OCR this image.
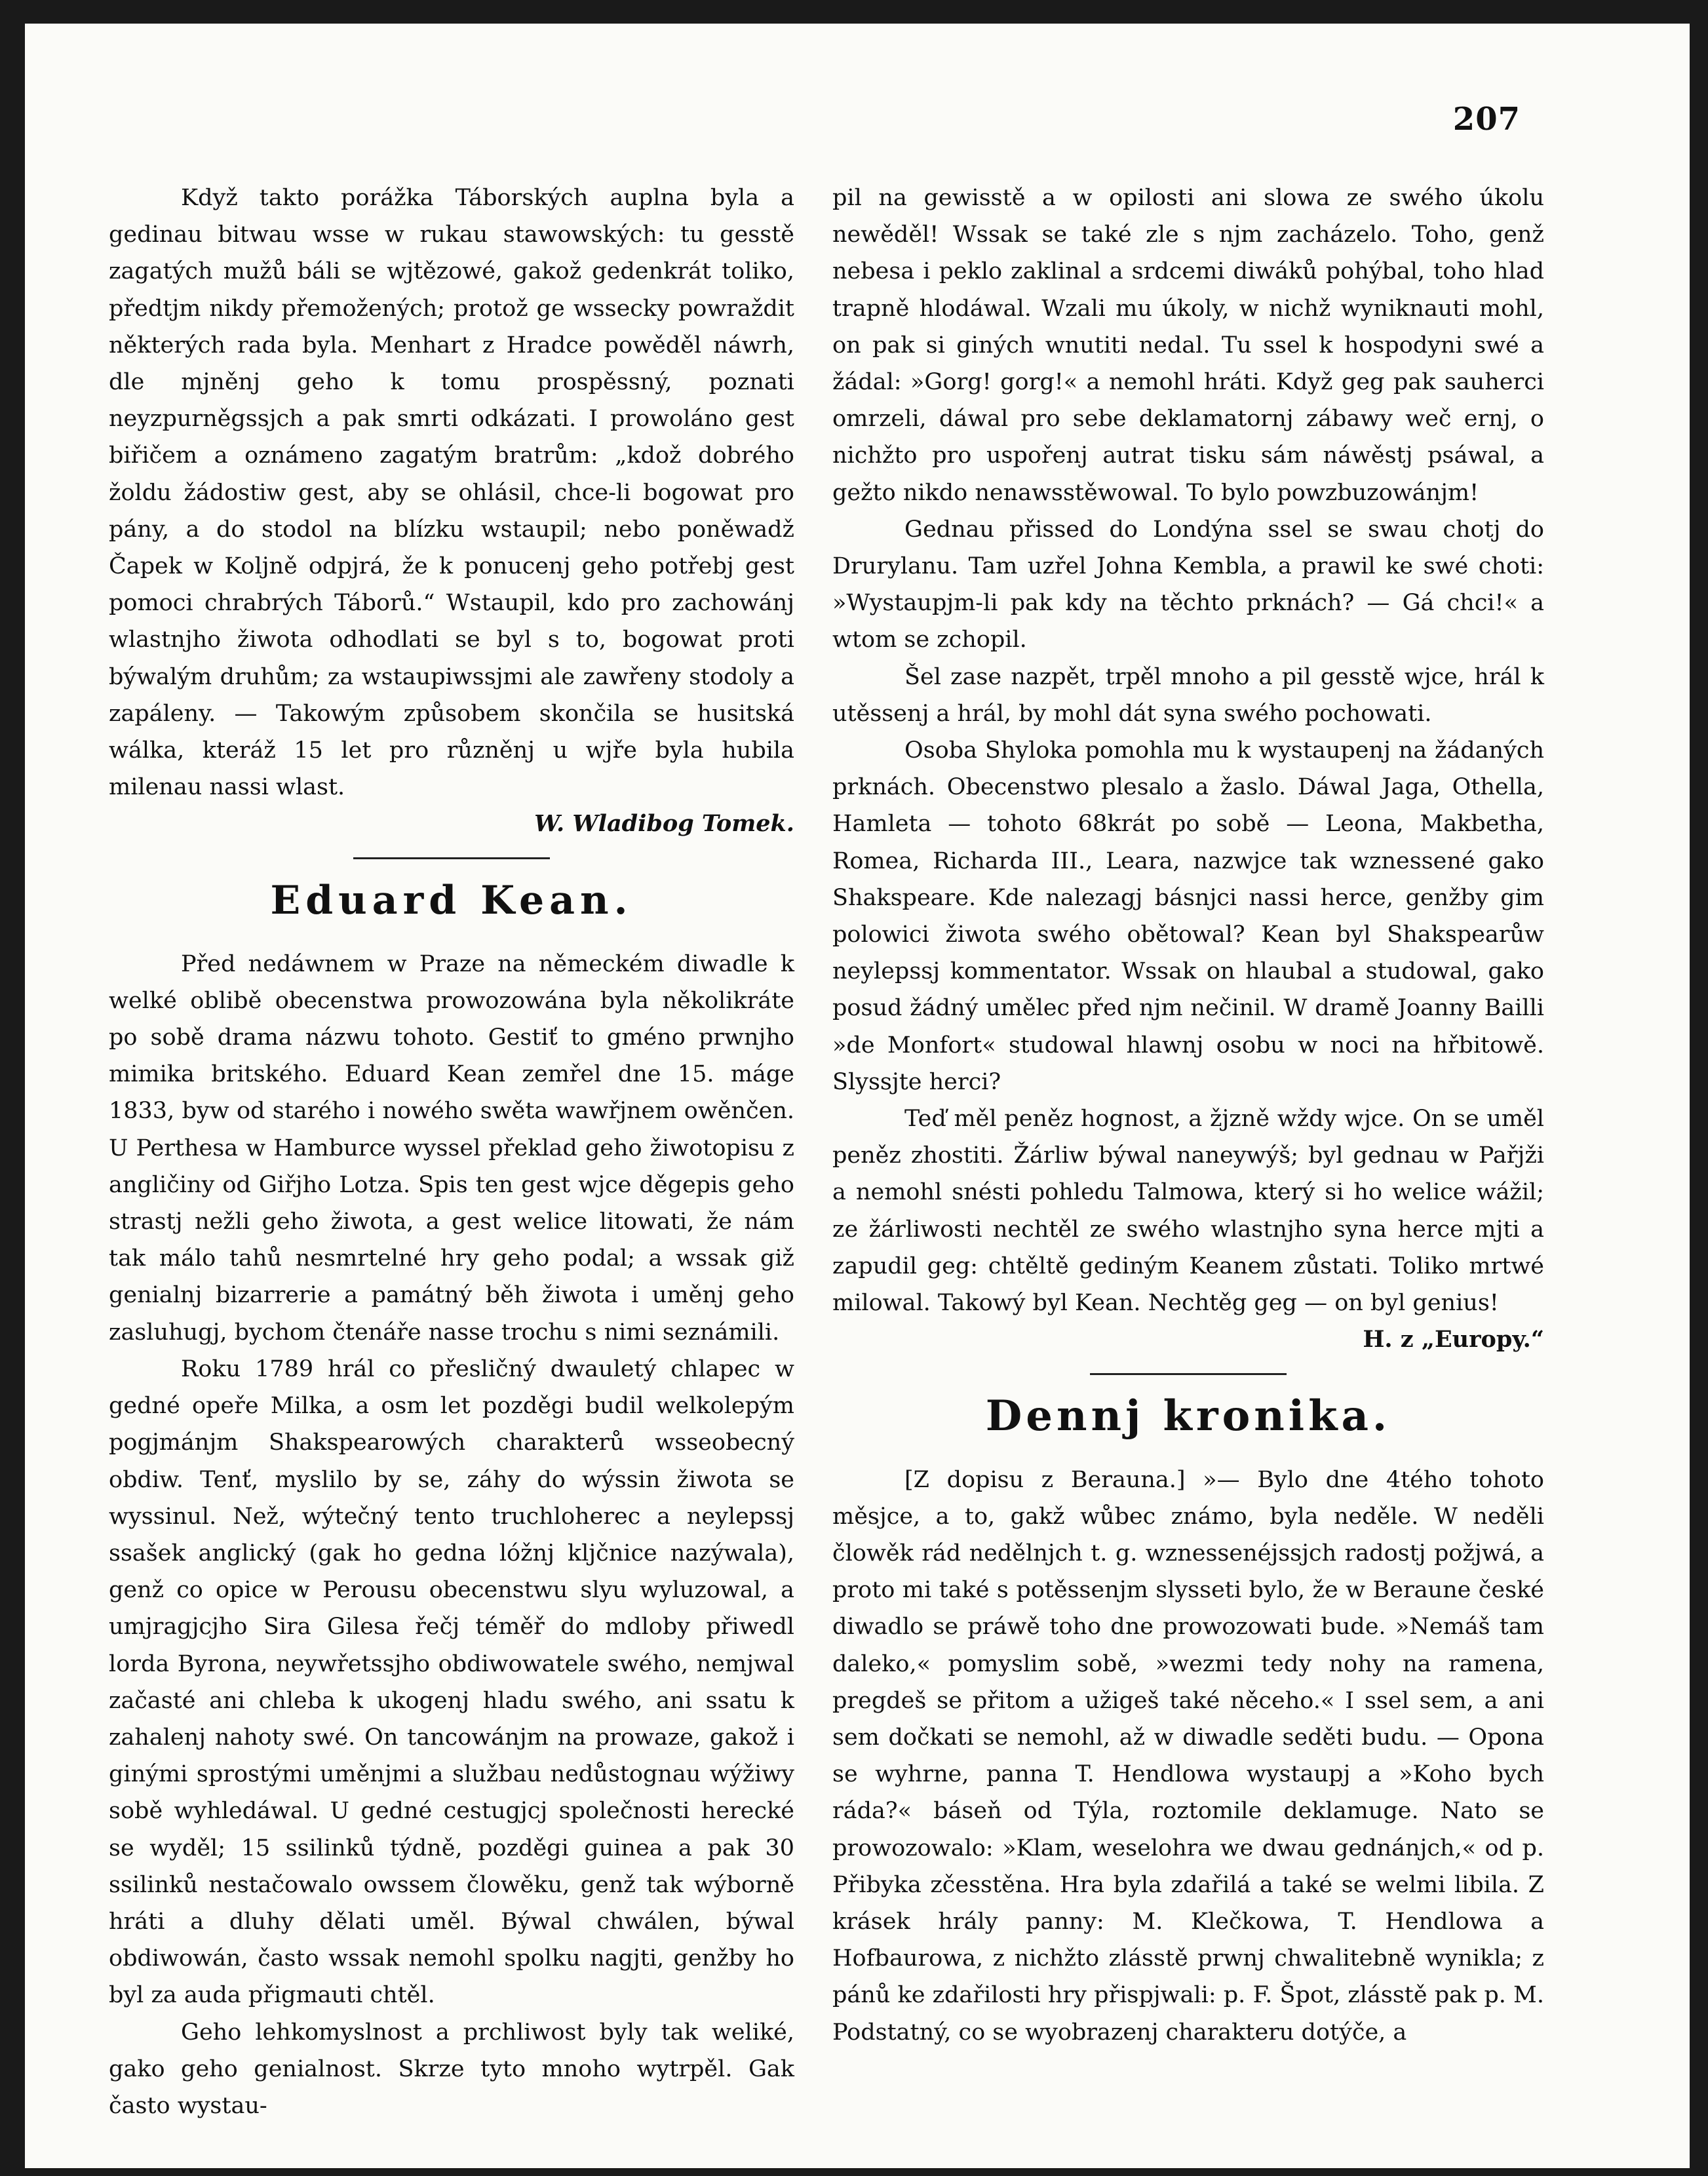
207

Když takto porážka Táborských auplna byla a gedinau bitwau wsse w rukau stawowských: tu gesstě zagatých mužů báli se wjtězowé, gakož gedenkrát toliko, předtjm nikdy přemožených; protož ge wssecky powraždit některých rada byla. Menhart z Hradce powěděl náwrh, dle mjněnj geho k tomu prospěssný, poznati neyzpurněgssjch a pak smrti odkázati. I prowoláno gest biřičem a oznámeno zagatým bratrům: „kdož dobrého žoldu žádostiw gest, aby se ohlásil, chce-li bogowat pro pány, a do stodol na blízku wstaupil; nebo poněwadž Čapek w Koljně odpjrá, že k ponucenj geho potřebj gest pomoci chrabrých Táborů.“ Wstaupil, kdo pro zachowánj wlastnjho žiwota odhodlati se byl s to, bogowat proti býwalým druhům; za wstaupiwssjmi ale zawřeny stodoly a zapáleny. — Takowým způsobem skončila se husitská wálka, kteráž 15 let pro různěnj u wjře byla hubila milenau nassi wlast.

W. Wladibog Tomek.

Eduard Kean.

Před nedáwnem w Praze na německém diwadle k welké oblibě obecenstwa prowozowána byla několikráte po sobě drama názwu tohoto. Gestiť to gméno prwnjho mimika britského. Eduard Kean zemřel dne 15. máge 1833, byw od starého i nowého swěta wawřjnem owěnčen. U Perthesa w Hamburce wyssel překlad geho žiwotopisu z angličiny od Giřjho Lotza. Spis ten gest wjce děgepis geho strastj nežli geho žiwota, a gest welice litowati, že nám tak málo tahů nesmrtelné hry geho podal; a wssak giž genialnj bizarrerie a památný běh žiwota i uměnj geho zasluhugj, bychom čtenáře nasse trochu s nimi seznámili.

Roku 1789 hrál co přesličný dwauletý chlapec w gedné opeře Milka, a osm let pozděgi budil welkolepým pogjmánjm Shakspearowých charakterů wsseobecný obdiw. Tenť, myslilo by se, záhy do wýssin žiwota se wyssinul. Než, wýtečný tento truchloherec a neylepssj ssašek anglický (gak ho gedna lóžnj kljčnice nazýwala), genž co opice w Perousu obecenstwu slyu wyluzowal, a umjragjcjho Sira Gilesa řečj téměř do mdloby přiwedl lorda Byrona, neywřetssjho obdiwowatele swého, nemjwal začasté ani chleba k ukogenj hladu swého, ani ssatu k zahalenj nahoty swé. On tancowánjm na prowaze, gakož i ginými sprostými uměnjmi a službau nedůstognau wýžiwy sobě wyhledáwal. U gedné cestugjcj společnosti herecké se wyděl; 15 ssilinků týdně, pozděgi guinea a pak 30 ssilinků nestačowalo owssem člowěku, genž tak wýborně hráti a dluhy dělati uměl. Býwal chwálen, býwal obdiwowán, často wssak nemohl spolku nagjti, genžby ho byl za auda přigmauti chtěl.

Geho lehkomyslnost a prchliwost byly tak weliké, gako geho genialnost. Skrze tyto mnoho wytrpěl. Gak často wystau-

pil na gewisstě a w opilosti ani slowa ze swého úkolu newěděl! Wssak se také zle s njm zacházelo. Toho, genž nebesa i peklo zaklinal a srdcemi diwáků pohýbal, toho hlad trapně hlodáwal. Wzali mu úkoly, w nichž wyniknauti mohl, on pak si giných wnutiti nedal. Tu ssel k hospodyni swé a žádal: »Gorg! gorg!« a nemohl hráti. Když geg pak sauherci omrzeli, dáwal pro sebe deklamatornj zábawy weč ernj, o nichžto pro uspořenj autrat tisku sám náwěstj psáwal, a gežto nikdo nenawsstěwowal. To bylo powzbuzowánjm!

Gednau přissed do Londýna ssel se swau chotj do Drurylanu. Tam uzřel Johna Kembla, a prawil ke swé choti: »Wystaupjm-li pak kdy na těchto prknách? — Gá chci!« a wtom se zchopil.

Šel zase nazpět, trpěl mnoho a pil gesstě wjce, hrál k utěssenj a hrál, by mohl dát syna swého pochowati.

Osoba Shyloka pomohla mu k wystaupenj na žádaných prknách. Obecenstwo plesalo a žaslo. Dáwal Jaga, Othella, Hamleta — tohoto 68krát po sobě — Leona, Makbetha, Romea, Richarda III., Leara, nazwjce tak wznessené gako Shakspeare. Kde nalezagj básnjci nassi herce, genžby gim polowici žiwota swého obětowal? Kean byl Shakspearůw neylepssj kommentator. Wssak on hlaubal a studowal, gako posud žádný umělec před njm nečinil. W dramě Joanny Bailli »de Monfort« studowal hlawnj osobu w noci na hřbitowě. Slyssjte herci?

Teď měl peněz hognost, a žjzně wždy wjce. On se uměl peněz zhostiti. Žárliw býwal naneywýš; byl gednau w Pařjži a nemohl snésti pohledu Talmowa, který si ho welice wážil; ze žárliwosti nechtěl ze swého wlastnjho syna herce mjti a zapudil geg: chtěltě gediným Keanem zůstati. Toliko mrtwé milowal. Takowý byl Kean. Nechtěg geg — on byl genius!

H. z „Europy.“

Dennj kronika.

[Z dopisu z Berauna.] »— Bylo dne 4tého tohoto měsjce, a to, gakž wůbec známo, byla neděle. W neděli člowěk rád nedělnjch t. g. wznessenéjssjch radostj požjwá, a proto mi také s potěssenjm slysseti bylo, že w Beraune české diwadlo se práwě toho dne prowozowati bude. »Nemáš tam daleko,« pomyslim sobě, »wezmi tedy nohy na ramena, pregdeš se přitom a užigeš také něceho.« I ssel sem, a ani sem dočkati se nemohl, až w diwadle seděti budu. — Opona se wyhrne, panna T. Hendlowa wystaupj a »Koho bych ráda?« báseň od Týla, roztomile deklamuge. Nato se prowozowalo: »Klam, weselohra we dwau gednánjch,« od p. Přibyka zčesstěna. Hra byla zdařilá a také se welmi libila. Z krásek hrály panny: M. Klečkowa, T. Hendlowa a Hofbaurowa, z nichžto zlásstě prwnj chwalitebně wynikla; z pánů ke zdařilosti hry přispjwali: p. F. Špot, zlásstě pak p. M. Podstatný, co se wyobrazenj charakteru dotýče, a
